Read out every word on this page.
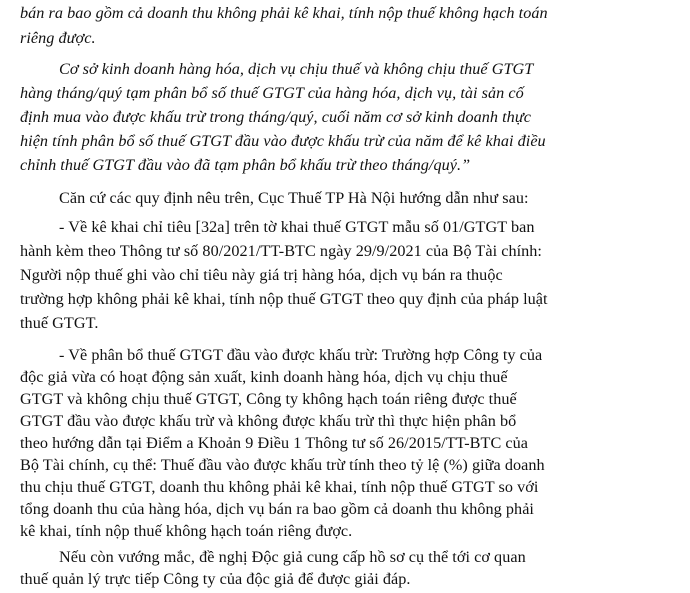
bán ra bao gồm cả doanh thu không phải kê khai, tính nộp thuế không hạch toán
riêng được.
Cơ sở kinh doanh hàng hóa, dịch vụ chịu thuế và không chịu thuế GTGT
hàng tháng/quý tạm phân bổ số thuế GTGT của hàng hóa, dịch vụ, tài sản cố
định mua vào được khấu trừ trong tháng/quý, cuối năm cơ sở kinh doanh thực
hiện tính phân bổ số thuế GTGT đầu vào được khấu trừ của năm để kê khai điều
chỉnh thuế GTGT đầu vào đã tạm phân bổ khấu trừ theo tháng/quý.”
Căn cứ các quy định nêu trên, Cục Thuế TP Hà Nội hướng dẫn như sau:
- Về kê khai chỉ tiêu [32a] trên tờ khai thuế GTGT mẫu số 01/GTGT ban
hành kèm theo Thông tư số 80/2021/TT-BTC ngày 29/9/2021 của Bộ Tài chính:
Người nộp thuế ghi vào chỉ tiêu này giá trị hàng hóa, dịch vụ bán ra thuộc
trường hợp không phải kê khai, tính nộp thuế GTGT theo quy định của pháp luật
thuế GTGT.
- Về phân bổ thuế GTGT đầu vào được khấu trừ: Trường hợp Công ty của
độc giả vừa có hoạt động sản xuất, kinh doanh hàng hóa, dịch vụ chịu thuế
GTGT và không chịu thuế GTGT, Công ty không hạch toán riêng được thuế
GTGT đầu vào được khấu trừ và không được khấu trừ thì thực hiện phân bổ
theo hướng dẫn tại Điểm a Khoản 9 Điều 1 Thông tư số 26/2015/TT-BTC của
Bộ Tài chính, cụ thể: Thuế đầu vào được khấu trừ tính theo tỷ lệ (%) giữa doanh
thu chịu thuế GTGT, doanh thu không phải kê khai, tính nộp thuế GTGT so với
tổng doanh thu của hàng hóa, dịch vụ bán ra bao gồm cả doanh thu không phải
kê khai, tính nộp thuế không hạch toán riêng được.
Nếu còn vướng mắc, đề nghị Độc giả cung cấp hồ sơ cụ thể tới cơ quan
thuế quản lý trực tiếp Công ty của độc giả để được giải đáp.
